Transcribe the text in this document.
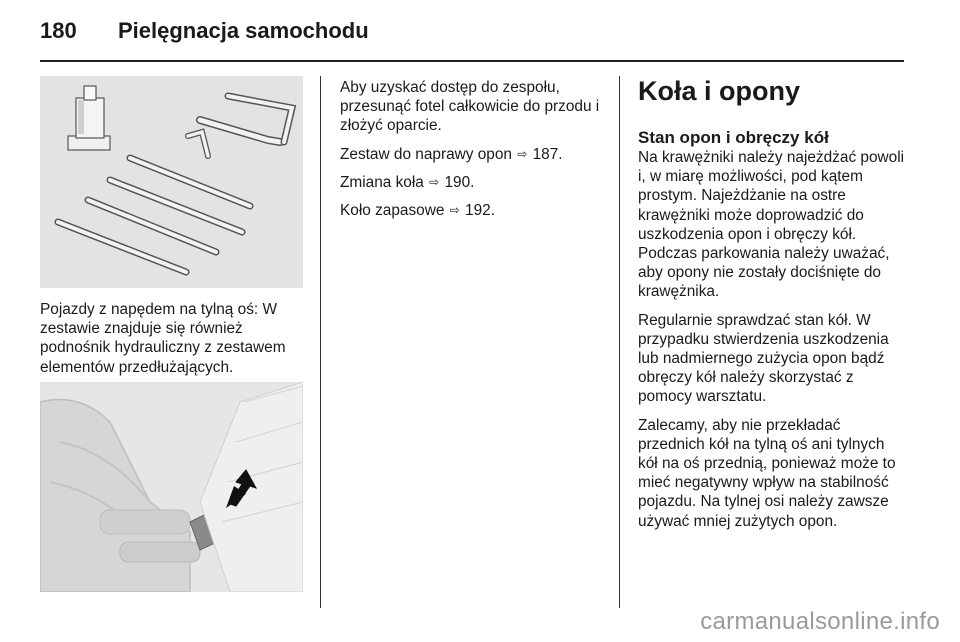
180	Pielęgnacja samochodu

Pojazdy z napędem na tylną oś: W zestawie znajduje się również podnośnik hydrauliczny z zestawem elementów przedłużających.

Aby uzyskać dostęp do zespołu, przesunąć fotel całkowicie do przodu i złożyć oparcie.

Zestaw do naprawy opon ⇨ 187.

Zmiana koła ⇨ 190.

Koło zapasowe ⇨ 192.

Koła i opony
Stan opon i obręczy kół

Na krawężniki należy najeżdżać powoli i, w miarę możliwości, pod kątem prostym. Najeżdżanie na ostre krawężniki może doprowadzić do uszkodzenia opon i obręczy kół. Podczas parkowania należy uważać, aby opony nie zostały dociśnięte do krawężnika.

Regularnie sprawdzać stan kół. W przypadku stwierdzenia uszkodzenia lub nadmiernego zużycia opon bądź obręczy kół należy skorzystać z pomocy warsztatu.

Zalecamy, aby nie przekładać przednich kół na tylną oś ani tylnych kół na oś przednią, ponieważ może to mieć negatywny wpływ na stabilność pojazdu. Na tylnej osi należy zawsze używać mniej zużytych opon.

carmanualsonline.info
